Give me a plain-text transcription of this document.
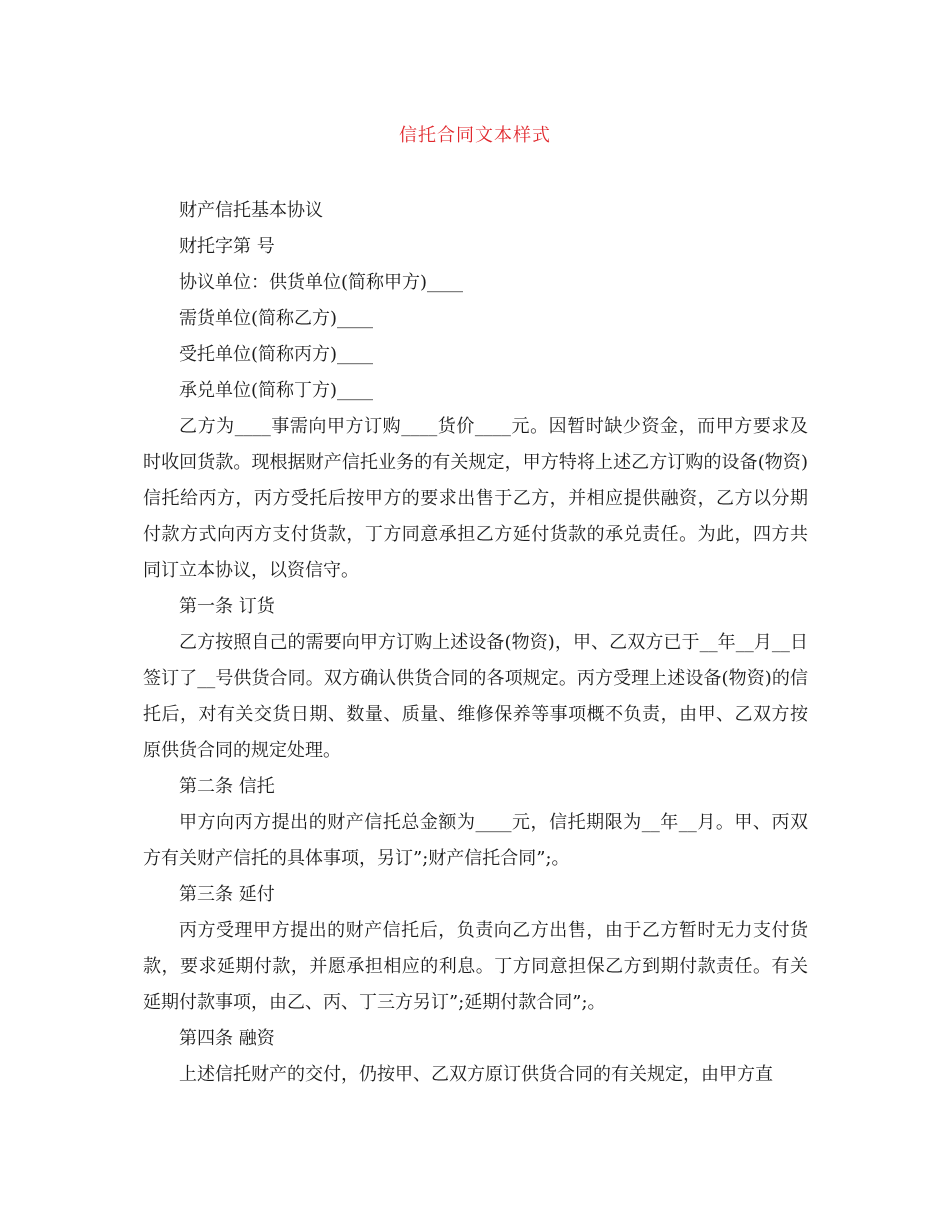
信托合同文本样式

财产信托基本协议

财托字第 号

协议单位：供货单位(简称甲方)____

需货单位(简称乙方)____

受托单位(简称丙方)____

承兑单位(简称丁方)____

乙方为____事需向甲方订购____货价____元。因暂时缺少资金，而甲方要求及时收回货款。现根据财产信托业务的有关规定，甲方特将上述乙方订购的设备(物资)信托给丙方，丙方受托后按甲方的要求出售于乙方，并相应提供融资，乙方以分期付款方式向丙方支付货款，丁方同意承担乙方延付货款的承兑责任。为此，四方共同订立本协议，以资信守。

第一条 订货

乙方按照自己的需要向甲方订购上述设备(物资)，甲、乙双方已于__年__月__日签订了__号供货合同。双方确认供货合同的各项规定。丙方受理上述设备(物资)的信托后，对有关交货日期、数量、质量、维修保养等事项概不负责，由甲、乙双方按原供货合同的规定处理。

第二条 信托

甲方向丙方提出的财产信托总金额为____元，信托期限为__年__月。甲、丙双方有关财产信托的具体事项，另订”;财产信托合同”;。

第三条 延付

丙方受理甲方提出的财产信托后，负责向乙方出售，由于乙方暂时无力支付货款，要求延期付款，并愿承担相应的利息。丁方同意担保乙方到期付款责任。有关延期付款事项，由乙、丙、丁三方另订”;延期付款合同”;。

第四条 融资

上述信托财产的交付，仍按甲、乙双方原订供货合同的有关规定，由甲方直
